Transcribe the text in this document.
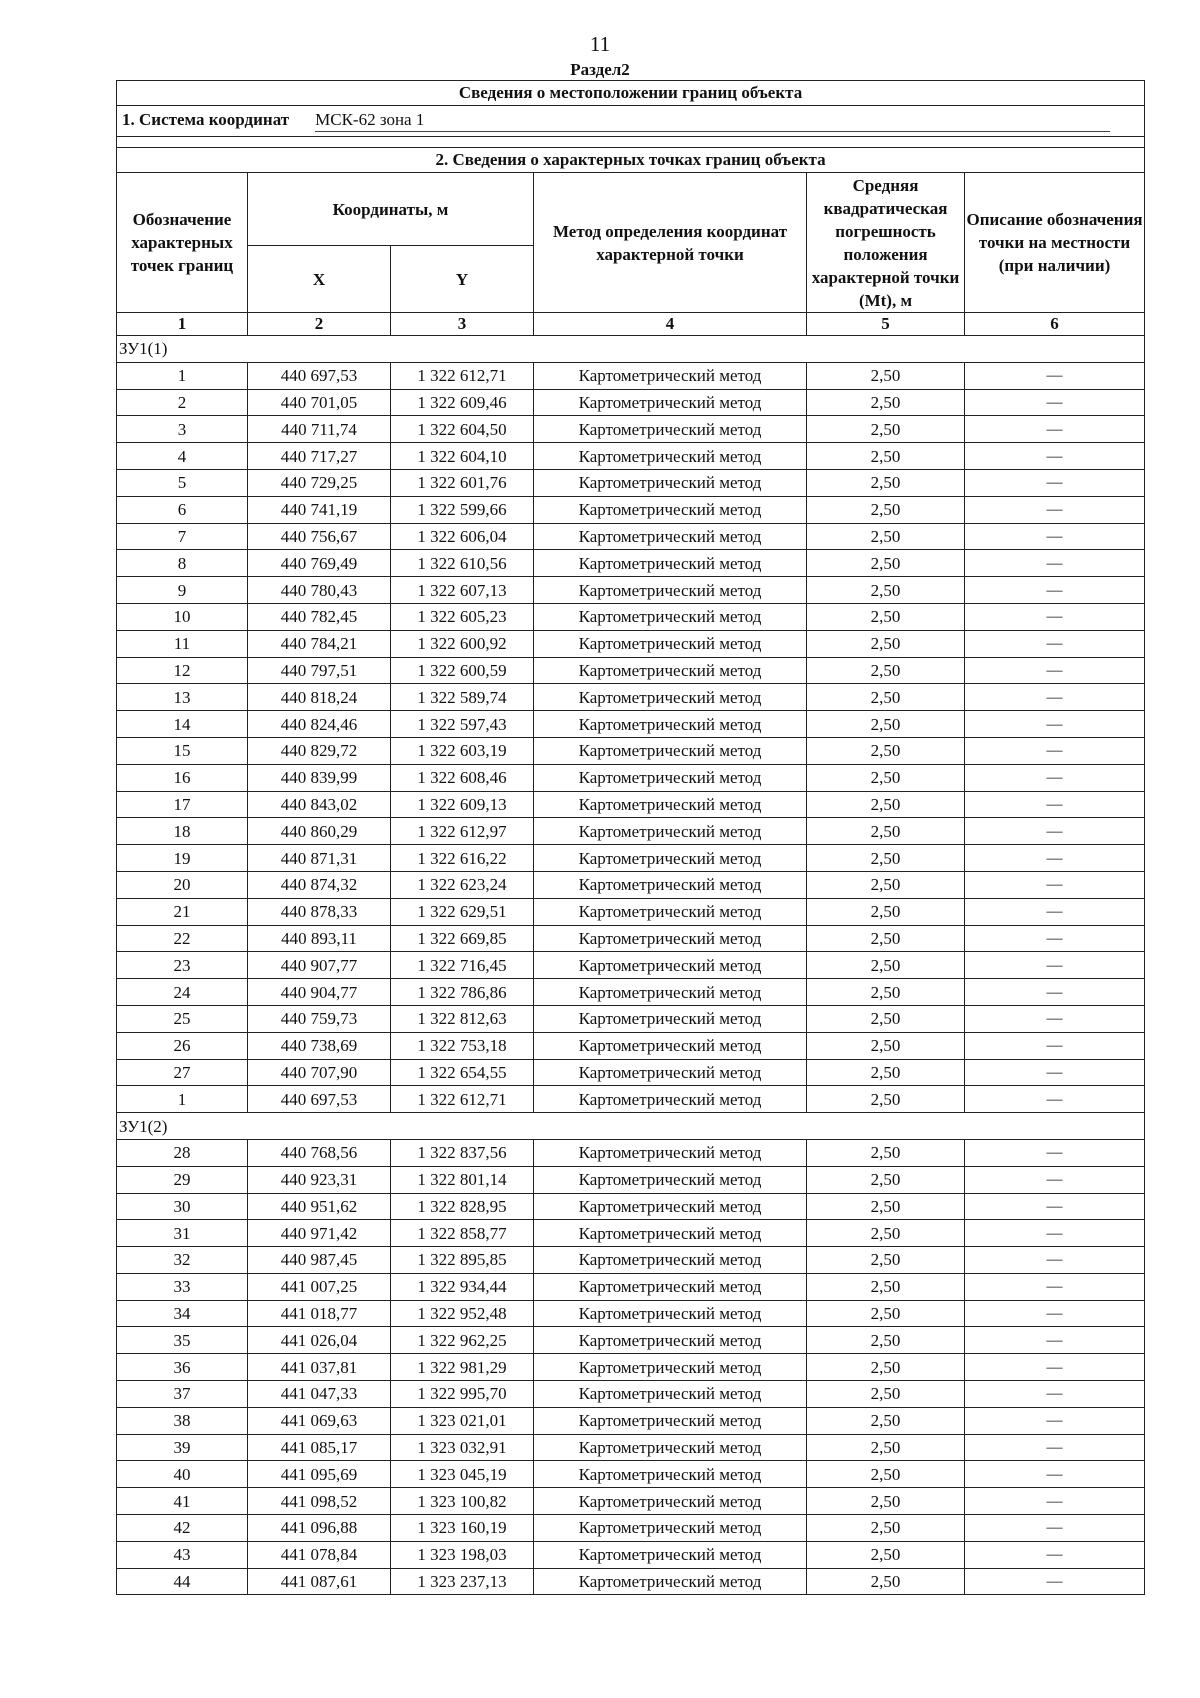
11
Раздел2
Сведения о местоположении границ объекта					
1. Система координат МСК-62 зона 1					

2. Сведения о характерных точках границ объекта					
Обозначение характерных точек границ	Координаты, м		Метод определения координат характерной точки	Средняя квадратическая погрешность положения характерной точки (Mt), м	Описание обозначения точки на местности (при наличии)
	X	Y			
1	2	3	4	5	6
ЗУ1(1)					
1	440 697,53	1 322 612,71	Картометрический метод	2,50	—
2	440 701,05	1 322 609,46	Картометрический метод	2,50	—
3	440 711,74	1 322 604,50	Картометрический метод	2,50	—
4	440 717,27	1 322 604,10	Картометрический метод	2,50	—
5	440 729,25	1 322 601,76	Картометрический метод	2,50	—
6	440 741,19	1 322 599,66	Картометрический метод	2,50	—
7	440 756,67	1 322 606,04	Картометрический метод	2,50	—
8	440 769,49	1 322 610,56	Картометрический метод	2,50	—
9	440 780,43	1 322 607,13	Картометрический метод	2,50	—
10	440 782,45	1 322 605,23	Картометрический метод	2,50	—
11	440 784,21	1 322 600,92	Картометрический метод	2,50	—
12	440 797,51	1 322 600,59	Картометрический метод	2,50	—
13	440 818,24	1 322 589,74	Картометрический метод	2,50	—
14	440 824,46	1 322 597,43	Картометрический метод	2,50	—
15	440 829,72	1 322 603,19	Картометрический метод	2,50	—
16	440 839,99	1 322 608,46	Картометрический метод	2,50	—
17	440 843,02	1 322 609,13	Картометрический метод	2,50	—
18	440 860,29	1 322 612,97	Картометрический метод	2,50	—
19	440 871,31	1 322 616,22	Картометрический метод	2,50	—
20	440 874,32	1 322 623,24	Картометрический метод	2,50	—
21	440 878,33	1 322 629,51	Картометрический метод	2,50	—
22	440 893,11	1 322 669,85	Картометрический метод	2,50	—
23	440 907,77	1 322 716,45	Картометрический метод	2,50	—
24	440 904,77	1 322 786,86	Картометрический метод	2,50	—
25	440 759,73	1 322 812,63	Картометрический метод	2,50	—
26	440 738,69	1 322 753,18	Картометрический метод	2,50	—
27	440 707,90	1 322 654,55	Картометрический метод	2,50	—
1	440 697,53	1 322 612,71	Картометрический метод	2,50	—
ЗУ1(2)					
28	440 768,56	1 322 837,56	Картометрический метод	2,50	—
29	440 923,31	1 322 801,14	Картометрический метод	2,50	—
30	440 951,62	1 322 828,95	Картометрический метод	2,50	—
31	440 971,42	1 322 858,77	Картометрический метод	2,50	—
32	440 987,45	1 322 895,85	Картометрический метод	2,50	—
33	441 007,25	1 322 934,44	Картометрический метод	2,50	—
34	441 018,77	1 322 952,48	Картометрический метод	2,50	—
35	441 026,04	1 322 962,25	Картометрический метод	2,50	—
36	441 037,81	1 322 981,29	Картометрический метод	2,50	—
37	441 047,33	1 322 995,70	Картометрический метод	2,50	—
38	441 069,63	1 323 021,01	Картометрический метод	2,50	—
39	441 085,17	1 323 032,91	Картометрический метод	2,50	—
40	441 095,69	1 323 045,19	Картометрический метод	2,50	—
41	441 098,52	1 323 100,82	Картометрический метод	2,50	—
42	441 096,88	1 323 160,19	Картометрический метод	2,50	—
43	441 078,84	1 323 198,03	Картометрический метод	2,50	—
44	441 087,61	1 323 237,13	Картометрический метод	2,50	—
